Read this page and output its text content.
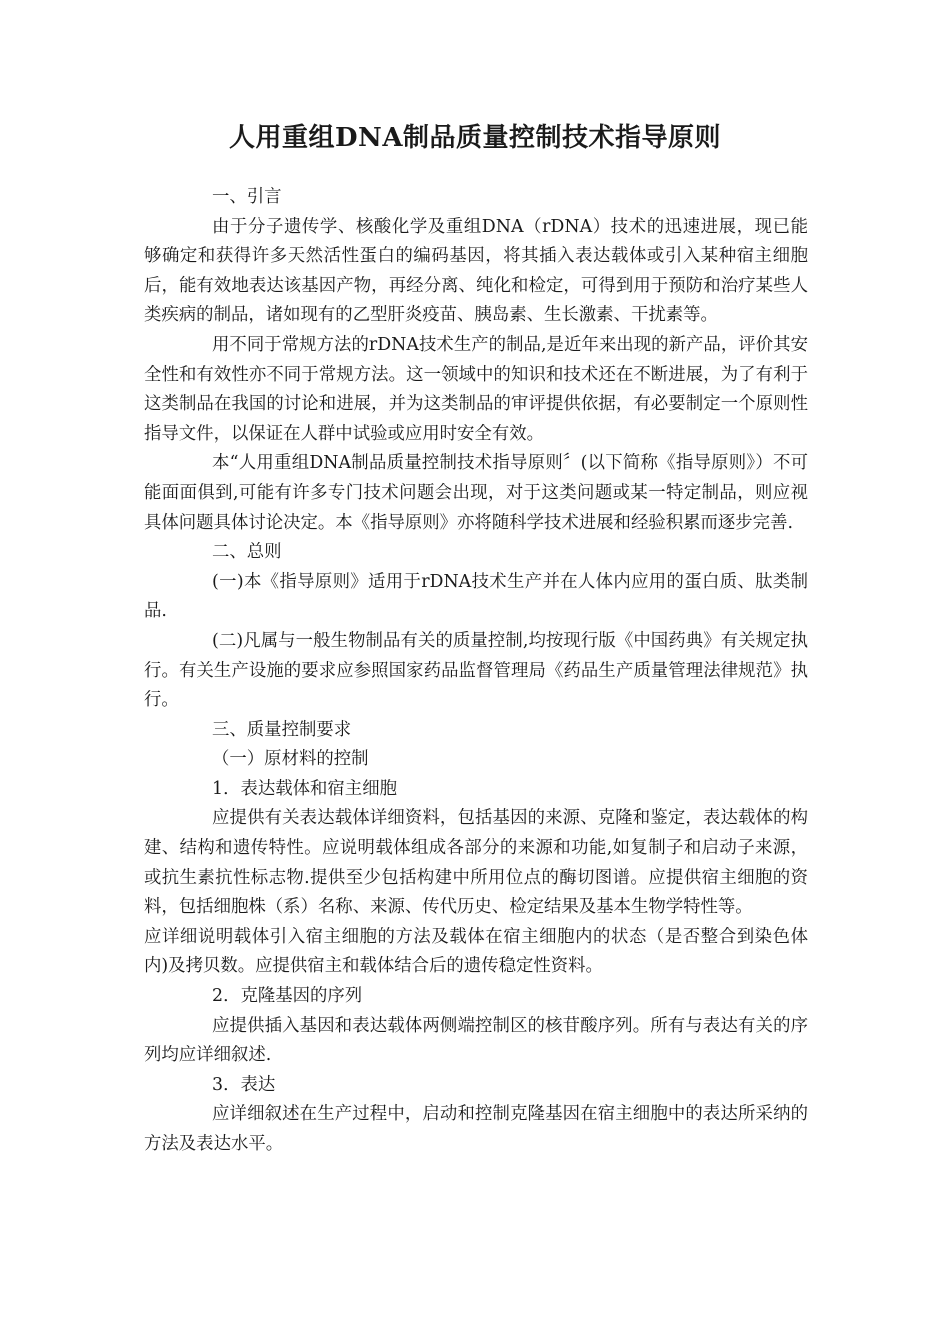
人用重组DNA制品质量控制技术指导原则

一、引言

由于分子遗传学、核酸化学及重组DNA（rDNA）技术的迅速进展，现已能够确定和获得许多天然活性蛋白的编码基因，将其插入表达载体或引入某种宿主细胞后，能有效地表达该基因产物，再经分离、纯化和检定，可得到用于预防和治疗某些人类疾病的制品，诸如现有的乙型肝炎疫苗、胰岛素、生长激素、干扰素等。

用不同于常规方法的rDNA技术生产的制品,是近年来出现的新产品，评价其安全性和有效性亦不同于常规方法。这一领域中的知识和技术还在不断进展，为了有利于这类制品在我国的讨论和进展，并为这类制品的审评提供依据，有必要制定一个原则性指导文件，以保证在人群中试验或应用时安全有效。

本“人用重组DNA制品质量控制技术指导原则〞(以下简称《指导原则》）不可能面面俱到,可能有许多专门技术问题会出现，对于这类问题或某一特定制品，则应视具体问题具体讨论决定。本《指导原则》亦将随科学技术进展和经验积累而逐步完善.

二、总则

(一)本《指导原则》适用于rDNA技术生产并在人体内应用的蛋白质、肽类制品.

(二)凡属与一般生物制品有关的质量控制,均按现行版《中国药典》有关规定执行。有关生产设施的要求应参照国家药品监督管理局《药品生产质量管理法律规范》执行。

三、质量控制要求

（一）原材料的控制

1．表达载体和宿主细胞

应提供有关表达载体详细资料，包括基因的来源、克隆和鉴定，表达载体的构建、结构和遗传特性。应说明载体组成各部分的来源和功能,如复制子和启动子来源，或抗生素抗性标志物.提供至少包括构建中所用位点的酶切图谱。应提供宿主细胞的资料，包括细胞株（系）名称、来源、传代历史、检定结果及基本生物学特性等。

应详细说明载体引入宿主细胞的方法及载体在宿主细胞内的状态（是否整合到染色体内)及拷贝数。应提供宿主和载体结合后的遗传稳定性资料。

2．克隆基因的序列

应提供插入基因和表达载体两侧端控制区的核苷酸序列。所有与表达有关的序列均应详细叙述.

3．表达

应详细叙述在生产过程中，启动和控制克隆基因在宿主细胞中的表达所采纳的方法及表达水平。
